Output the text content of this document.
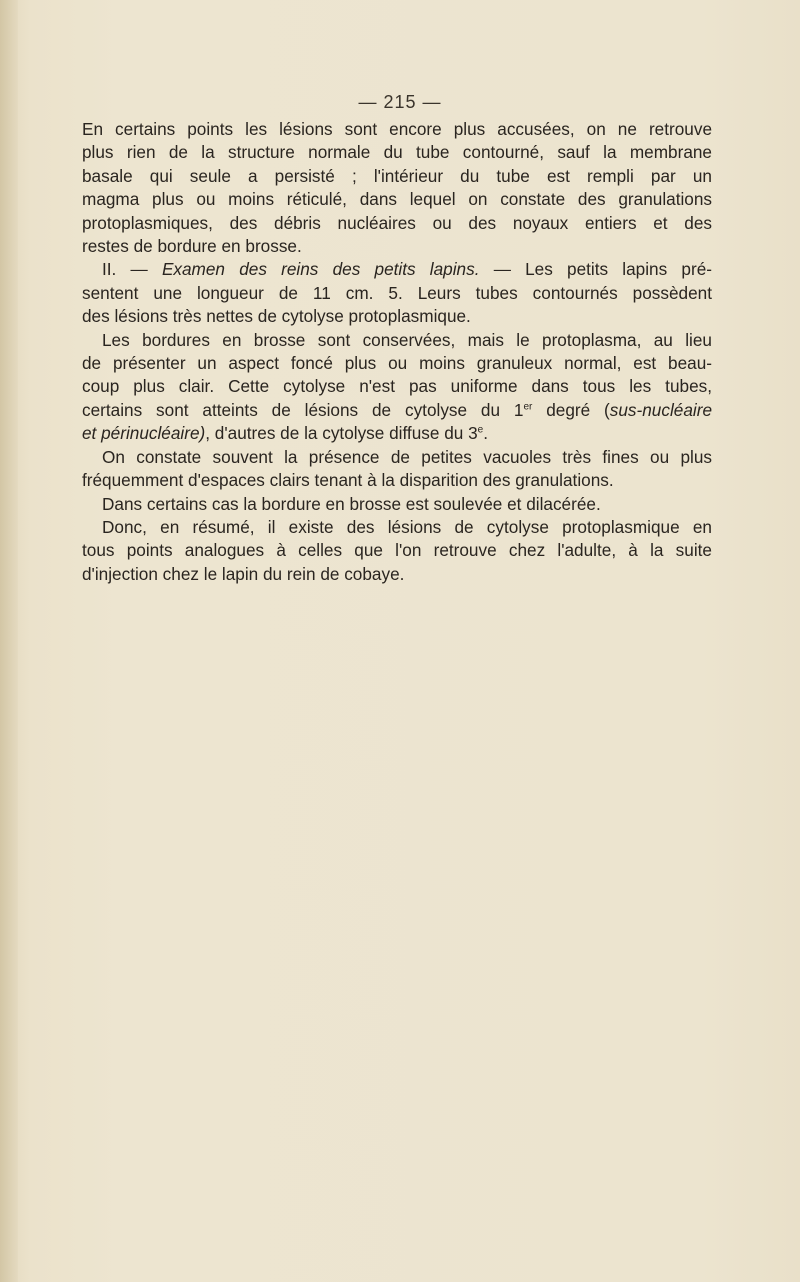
— 215 —

En certains points les lésions sont encore plus accusées, on ne retrouve
plus rien de la structure normale du tube contourné, sauf la membrane
basale qui seule a persisté ; l'intérieur du tube est rempli par un
magma plus ou moins réticulé, dans lequel on constate des granulations
protoplasmiques, des débris nucléaires ou des noyaux entiers et des
restes de bordure en brosse.

II. — Examen des reins des petits lapins. — Les petits lapins pré-
sentent une longueur de 11 cm. 5. Leurs tubes contournés possèdent
des lésions très nettes de cytolyse protoplasmique.

Les bordures en brosse sont conservées, mais le protoplasma, au lieu
de présenter un aspect foncé plus ou moins granuleux normal, est beau-
coup plus clair. Cette cytolyse n'est pas uniforme dans tous les tubes,
certains sont atteints de lésions de cytolyse du 1er degré (sus-nucléaire
et périnucléaire), d'autres de la cytolyse diffuse du 3e.

On constate souvent la présence de petites vacuoles très fines ou plus
fréquemment d'espaces clairs tenant à la disparition des granulations.

Dans certains cas la bordure en brosse est soulevée et dilacérée.

Donc, en résumé, il existe des lésions de cytolyse protoplasmique en
tous points analogues à celles que l'on retrouve chez l'adulte, à la suite
d'injection chez le lapin du rein de cobaye.
